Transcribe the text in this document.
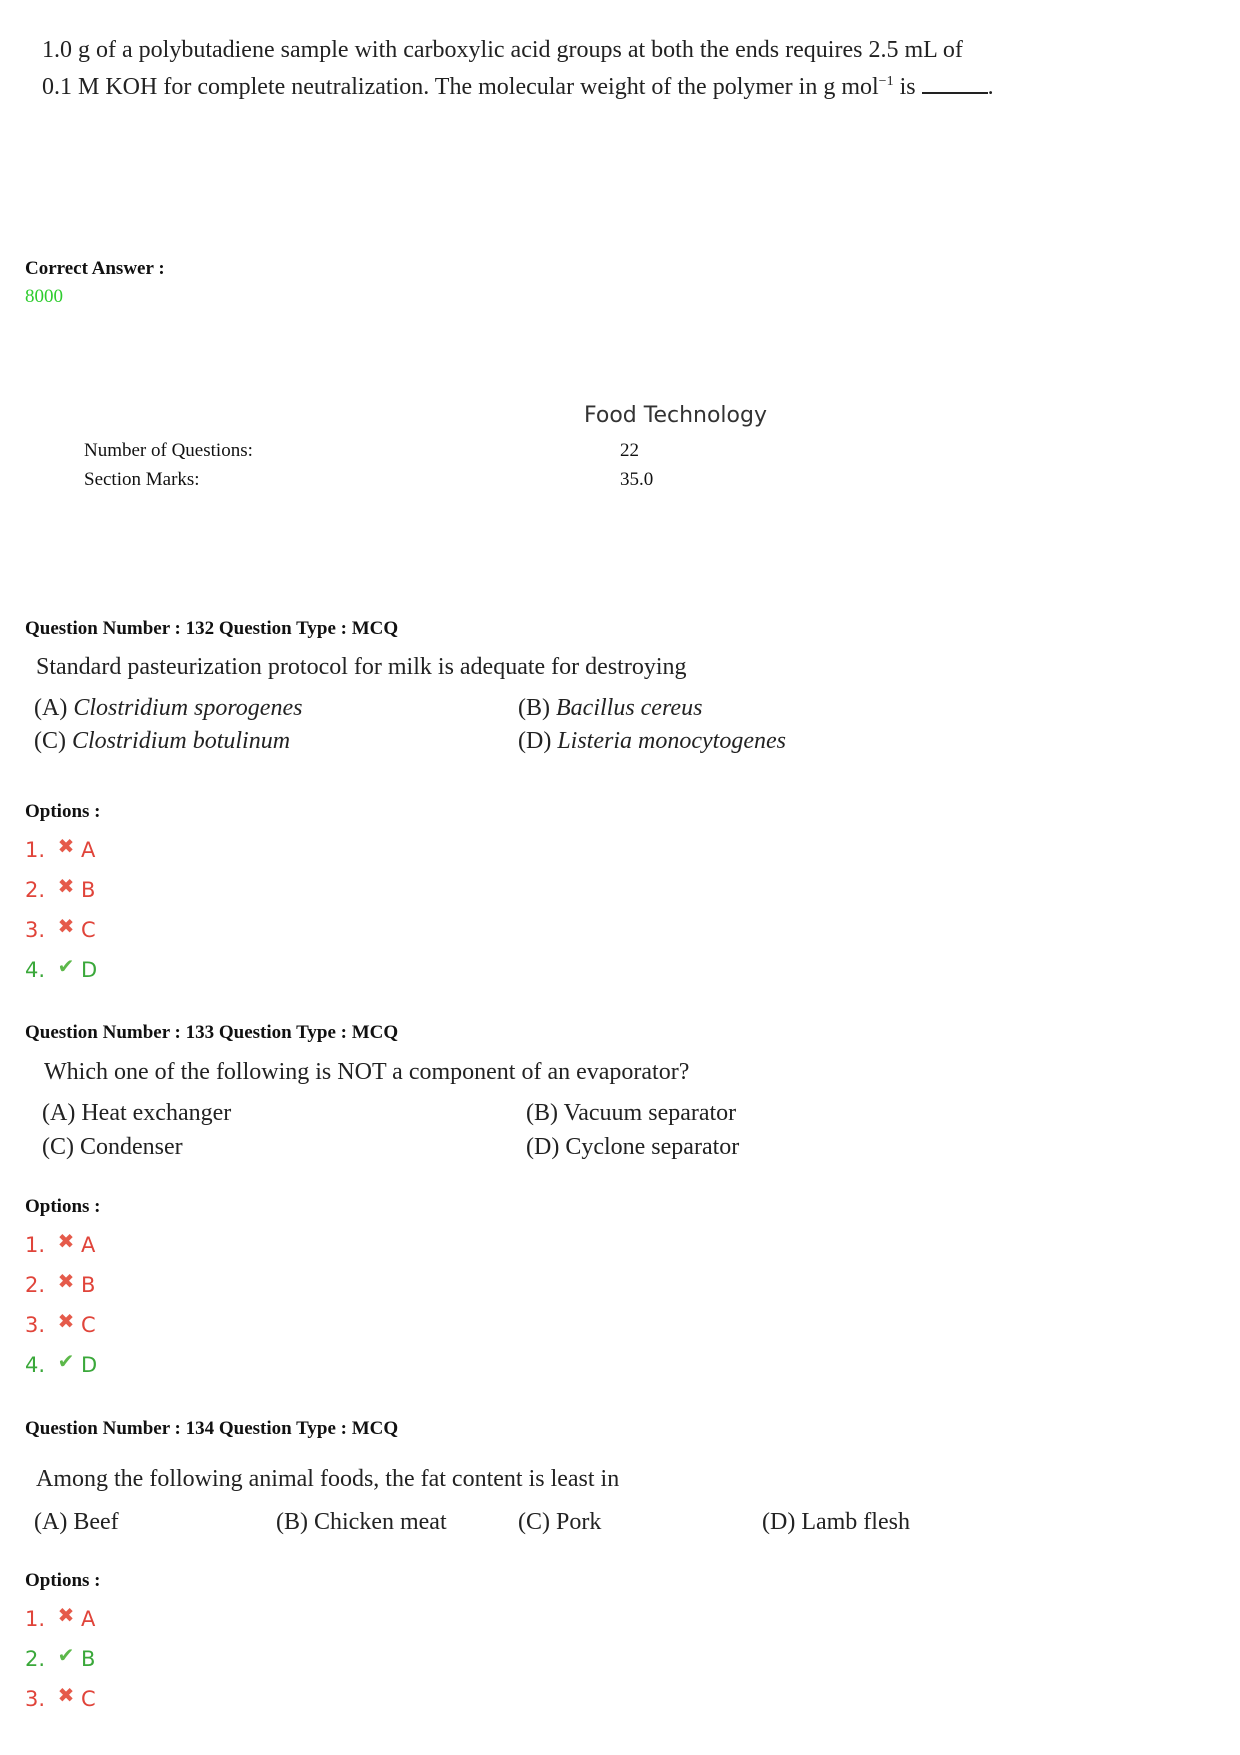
1.0 g of a polybutadiene sample with carboxylic acid groups at both the ends requires 2.5 mL of
0.1 M KOH for complete neutralization. The molecular weight of the polymer in g mol$^{-1}$ is	.
Correct Answer :
8000
Food Technology
Number of Questions:	22
Section Marks:	35.0
Question Number : 132 Question Type : MCQ
Standard pasteurization protocol for milk is adequate for destroying
(A) Clostridium sporogenes	(B) Bacillus cereus
(C) Clostridium botulinum	(D) Listeria monocytogenes
Options :
1. ✖ A
2. ✖ B
3. ✖ C
4. ✔ D
Question Number : 133 Question Type : MCQ
Which one of the following is NOT a component of an evaporator?
(A) Heat exchanger	(B) Vacuum separator
(C) Condenser	(D) Cyclone separator
Options :
1. ✖ A
2. ✖ B
3. ✖ C
4. ✔ D
Question Number : 134 Question Type : MCQ
Among the following animal foods, the fat content is least in
(A) Beef	(B) Chicken meat	(C) Pork	(D) Lamb flesh
Options :
1. ✖ A
2. ✔ B
3. ✖ C
